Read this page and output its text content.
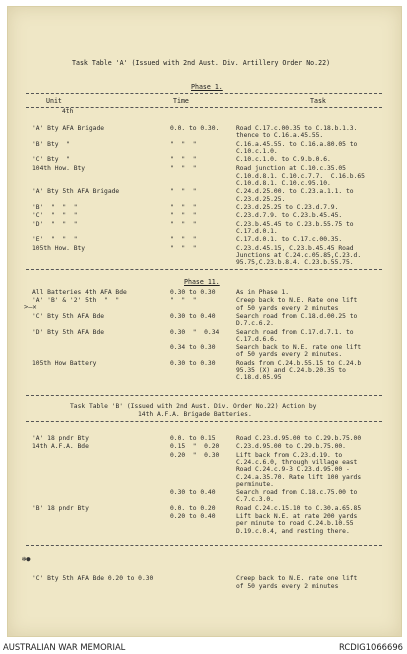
Task Table 'A' (Issued with 2nd Aust. Div. Artillery Order No.22)
Phase 1.
Unit	Time	Task
4th
'A' Bty AFA Brigade	0.0. to 0.30.	Road C.17.c.00.35 to C.18.b.1.3.
thence to C.16.a.45.55.
'B' Bty  "	"  "  "	C.16.a.45.55. to C.16.a.80.05 to
C.10.c.1.0.
'C' Bty  "	"  "  "	C.10.c.1.0. to C.9.b.0.6.
104th How. Bty	"  "  "	Road junction at C.10.c.35.05
C.10.d.8.1. C.10.c.7.7.  C.16.b.65
C.10.d.8.1. C.10.c.95.10.
'A' Bty 5th AFA Brigade	"  "  "	C.24.d.25.00. to C.23.a.1.1. to
C.23.d.25.25.
'B'  "  "  "	"  "  "	C.23.d.25.25 to C.23.d.7.9.
'C'  "  "  "	"  "  "	C.23.d.7.9. to C.23.b.45.45.
'D'  "  "  "	"  "  "	C.23.b.45.45 to C.23.b.55.75 to
C.17.d.0.1.
'E'  "  "  "	"  "  "	C.17.d.0.1. to C.17.c.00.35.
105th How. Bty	"  "  "	C.23.d.45.15, C.23.b.45.45 Road
Junctions at C.24.c.05.85,C.23.d.
95.75,C.23.b.8.4. C.23.b.55.75.
Phase 11.
>–✕
All Batteries 4th AFA Bde	0.30 to 0.30	As in Phase 1.
'A' 'B' & '2' 5th  "  "	"  "  "	Creep back to N.E. Rate one lift
of 50 yards every 2 minutes
'C' Bty 5th AFA Bde	0.30 to 0.40	Search road from C.18.d.00.25 to
D.7.c.6.2.
'D' Bty 5th AFA Bde	0.30  "  0.34	Search road from C.17.d.7.1. to
C.17.d.6.6.
0.34 to 0.30	Search back to N.E. rate one lift
of 50 yards every 2 minutes.
105th How Battery	0.30 to 0.30	Roads from C.24.b.55.15 to C.24.b
95.35 (X) and C.24.b.20.35 to
C.18.d.05.95
Task Table 'B' (Issued with 2nd Aust. Div. Order No.22) Action by
14th A.F.A. Brigade Batteries.
'A' 18 pndr Bty	0.0. to 0.15	Road C.23.d.95.00 to C.29.b.75.00
14th A.F.A. Bde	0.15  "  0.20	C.23.d.95.00 to C.29.b.75.00.
0.20  "  0.30	Lift back from C.23.d.19. to
C.24.c.6.0, through village east
Road C.24.c.9-3 C.23.d.95.00 -
C.24.a.35.70. Rate lift 100 yards
perminute.
0.30 to 0.40	Search road from C.18.c.75.00 to
C.7.c.3.0.
'B' 18 pndr Bty	0.0. to 0.20	Road C.24.c.15.10 to C.30.a.65.85
0.20 to 0.40	Lift back N.E. at rate 200 yards
per minute to road C.24.b.10.55
D.19.c.0.4, and resting there.
✻●
'C' Bty 5th AFA Bde 0.20 to 0.30	Creep back to N.E. rate one lift
of 50 yards every 2 minutes
AUSTRALIAN WAR MEMORIAL	RCDIG1066696
